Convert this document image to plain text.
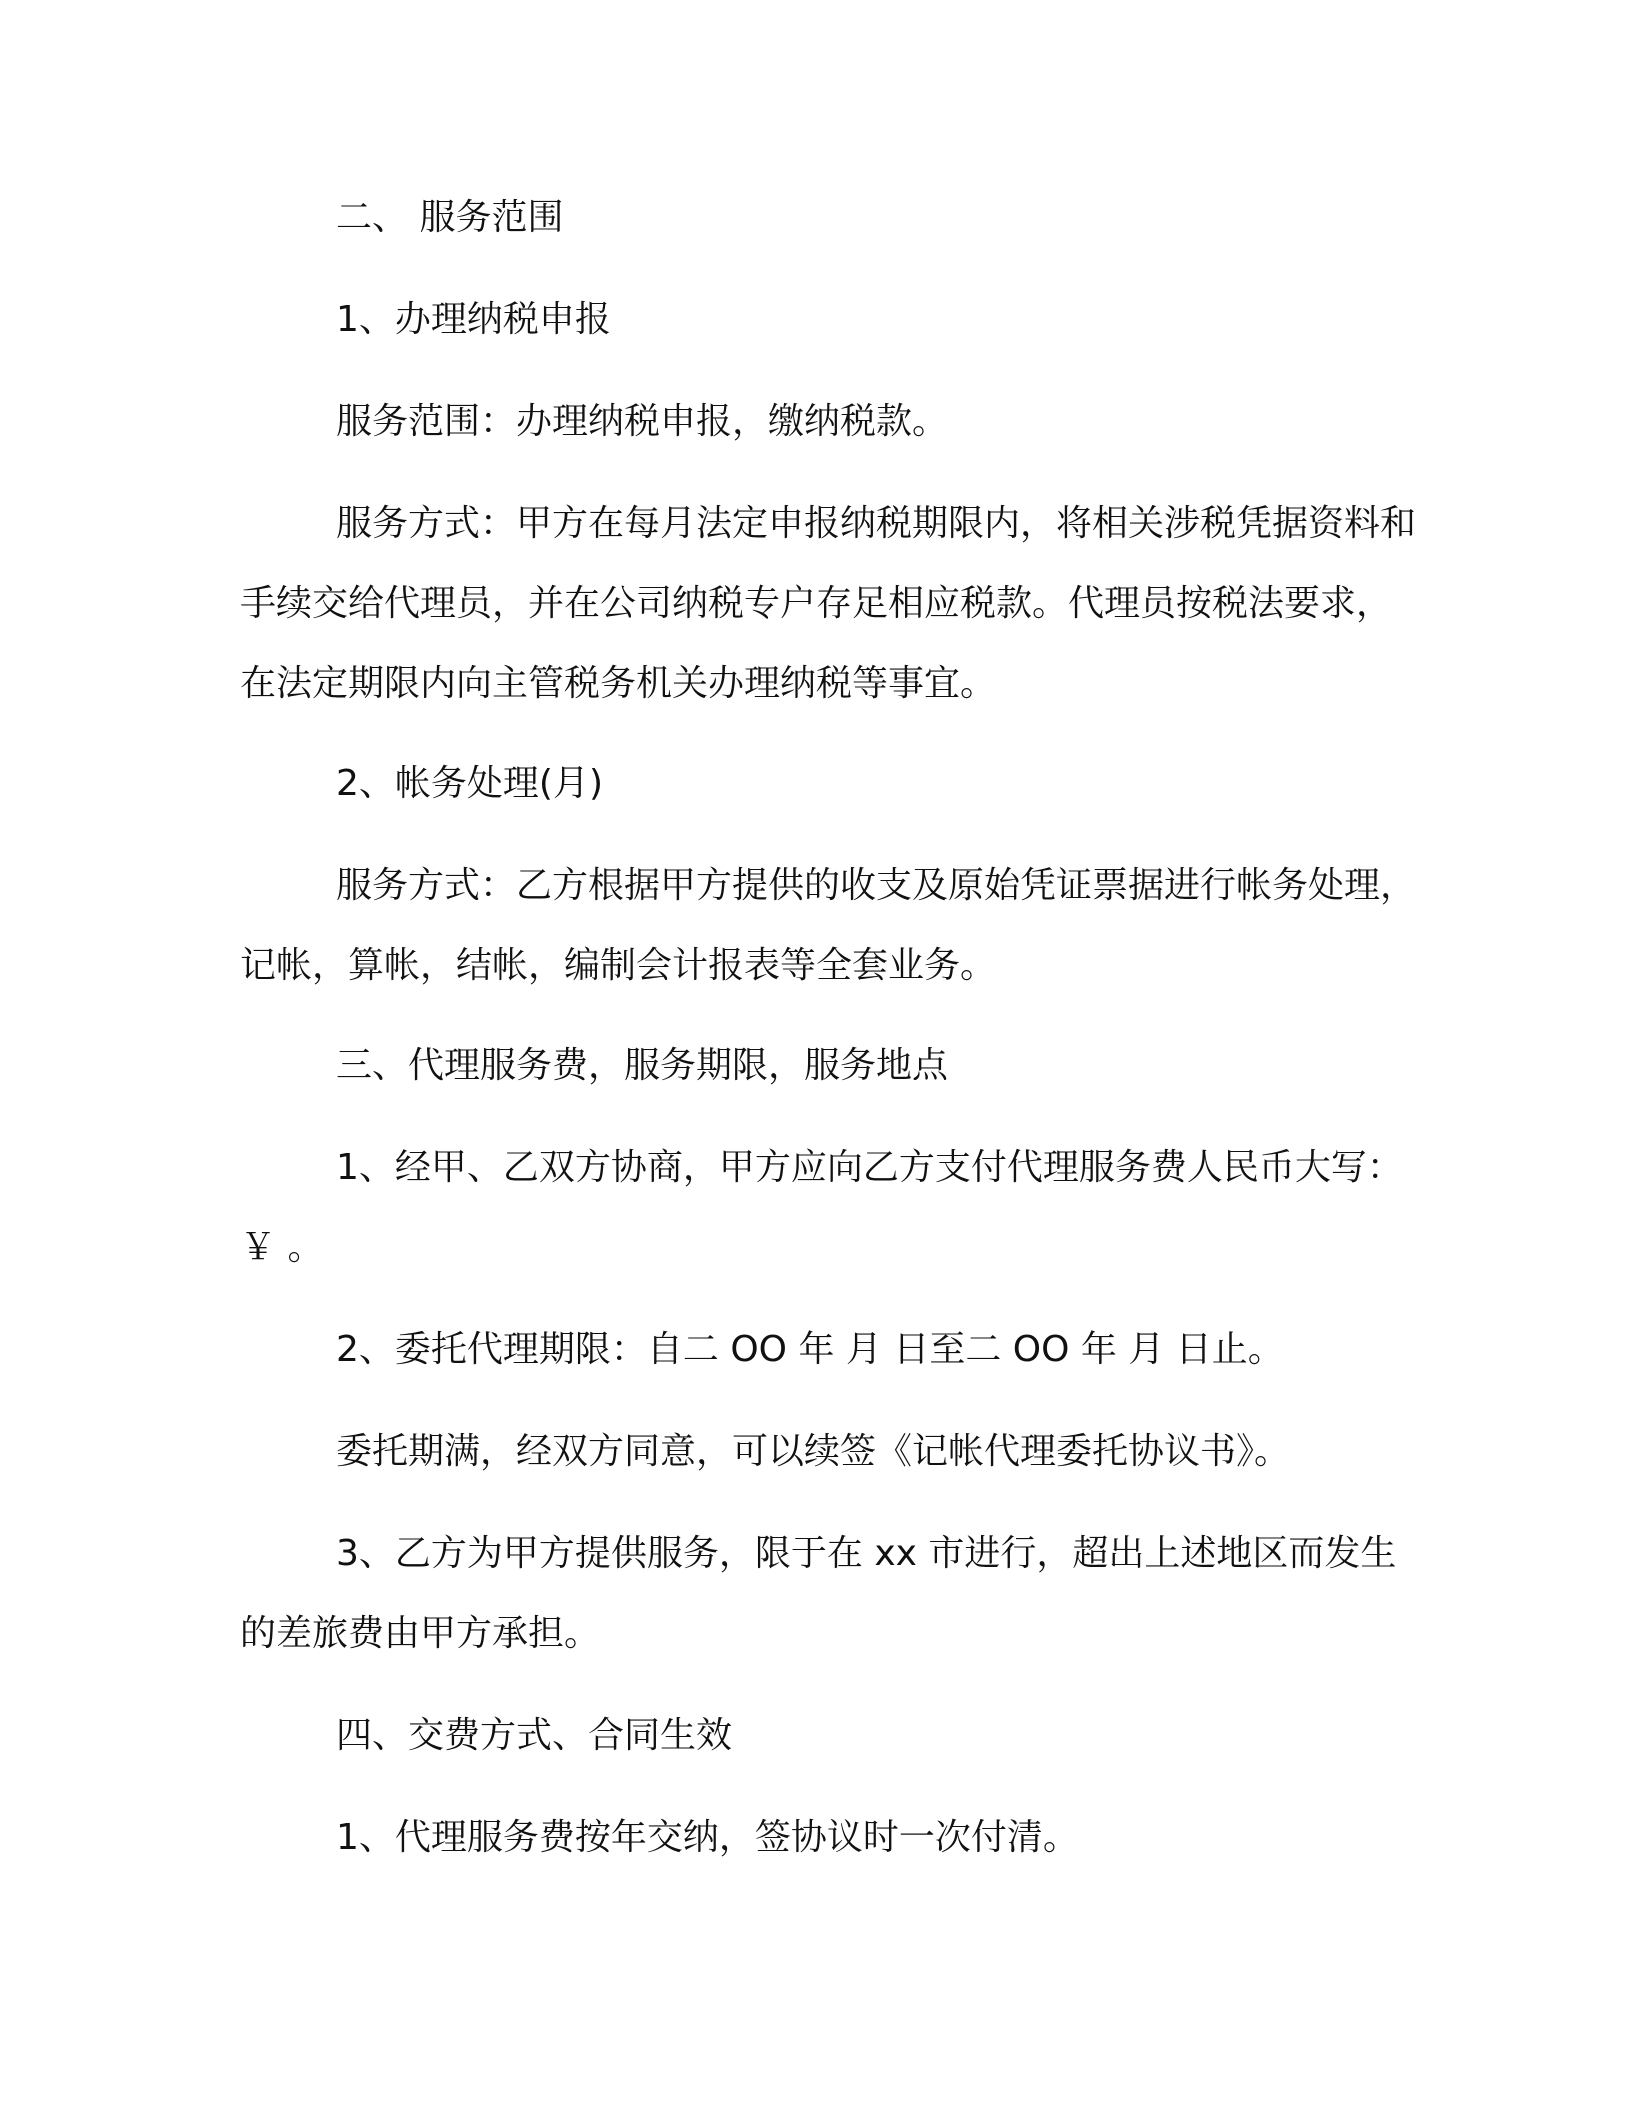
二、 服务范围

1、办理纳税申报

服务范围：办理纳税申报，缴纳税款。

服务方式：甲方在每月法定申报纳税期限内，将相关涉税凭据资料和手续交给代理员，并在公司纳税专户存足相应税款。代理员按税法要求，在法定期限内向主管税务机关办理纳税等事宜。

2、帐务处理(月)

服务方式：乙方根据甲方提供的收支及原始凭证票据进行帐务处理，记帐，算帐，结帐，编制会计报表等全套业务。

三、代理服务费，服务期限，服务地点

1、经甲、乙双方协商，甲方应向乙方支付代理服务费人民币大写：￥ 。

2、委托代理期限：自二 OO 年 月 日至二 OO 年 月 日止。

委托期满，经双方同意，可以续签《记帐代理委托协议书》。

3、乙方为甲方提供服务，限于在 xx 市进行，超出上述地区而发生的差旅费由甲方承担。

四、交费方式、合同生效

1、代理服务费按年交纳，签协议时一次付清。
